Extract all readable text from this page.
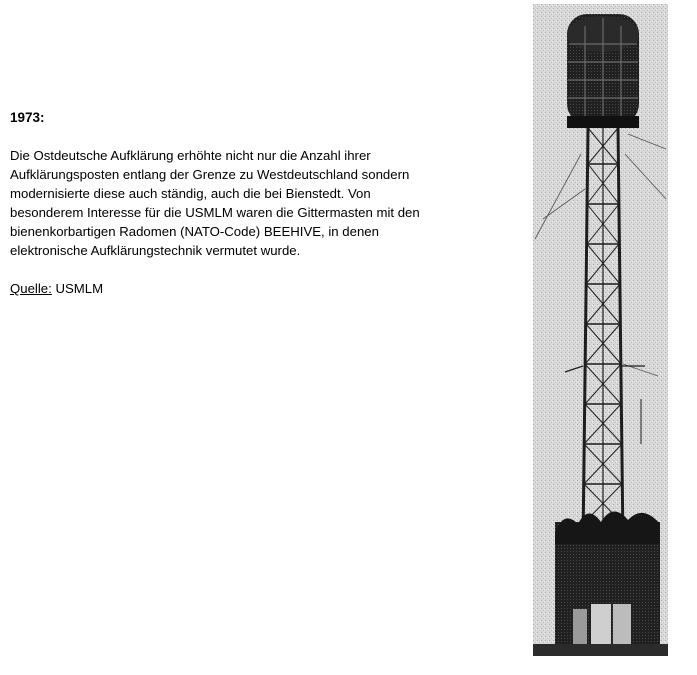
1973:

Die Ostdeutsche Aufklärung erhöhte nicht nur die Anzahl ihrer
Aufklärungsposten entlang der Grenze zu Westdeutschland sondern
modernisierte diese auch ständig, auch die bei Bienstedt. Von
besonderem Interesse für die USMLM waren die Gittermasten mit den
bienenkorbartigen Radomen (NATO-Code) BEEHIVE, in denen
elektronische Aufklärungstechnik vermutet wurde.

Quelle: USMLM
